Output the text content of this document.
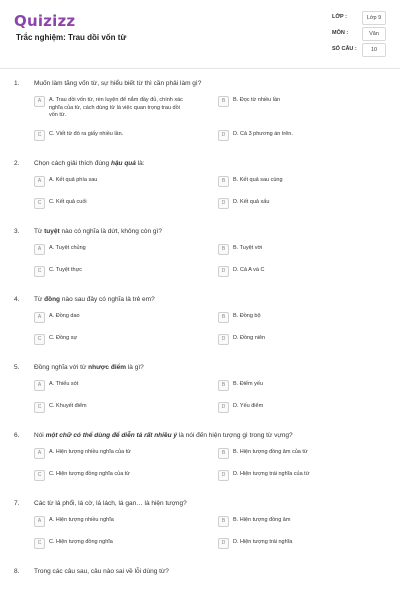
Quizizz
Trắc nghiệm: Trau dồi vốn từ
LỚP :	Lớp 9
MÔN :	Văn
SỐ CÂU :	10
1. Muốn làm tăng vốn từ, sự hiểu biết từ thì cần phải làm gì?
A	A. Trau dồi vốn từ, rèn luyện để nắm đầy đủ, chính xác nghĩa của từ, cách dùng từ là việc quan trọng trau dồi vốn từ.
B	B. Đọc từ nhiều lần
C	C. Viết từ đó ra giấy nhiều lần.	D	D. Cả 3 phương án trên.
2. Chọn cách giải thích đúng hậu quả là:
A	A. Kết quả phía sau	B	B. Kết quả sau cùng
C	C. Kết quả cuối	D	D. Kết quả xấu
3. Từ tuyệt nào có nghĩa là dứt, không còn gì?
A	A. Tuyệt chủng	B	B. Tuyệt vời
C	C. Tuyệt thực	D	D. Cả A và C
4. Từ đồng nào sau đây có nghĩa là trẻ em?
A	A. Đồng dao	B	B. Đồng bộ
C	C. Đồng sự	D	D. Đồng niên
5. Đồng nghĩa với từ nhược điểm là gì?
A	A. Thiếu sót	B	B. Điểm yếu
C	C. Khuyết điểm	D	D. Yếu điểm
6. Nói một chữ có thể dùng để diễn tả rất nhiều ý là nói đến hiện tượng gì trong từ vựng?
A	A. Hiện tượng nhiều nghĩa của từ	B	B. Hiện tượng đồng âm của từ
C	C. Hiện tượng đồng nghĩa của từ	D	D. Hiện tượng trái nghĩa của từ
7. Các từ lá phổi, lá cờ, lá lách, lá gan… là hiện tượng?
A	A. Hiện tượng nhiều nghĩa	B	B. Hiện tượng đồng âm
C	C. Hiện tượng đồng nghĩa	D	D. Hiện tượng trái nghĩa
8. Trong các câu sau, câu nào sai về lỗi dùng từ?
